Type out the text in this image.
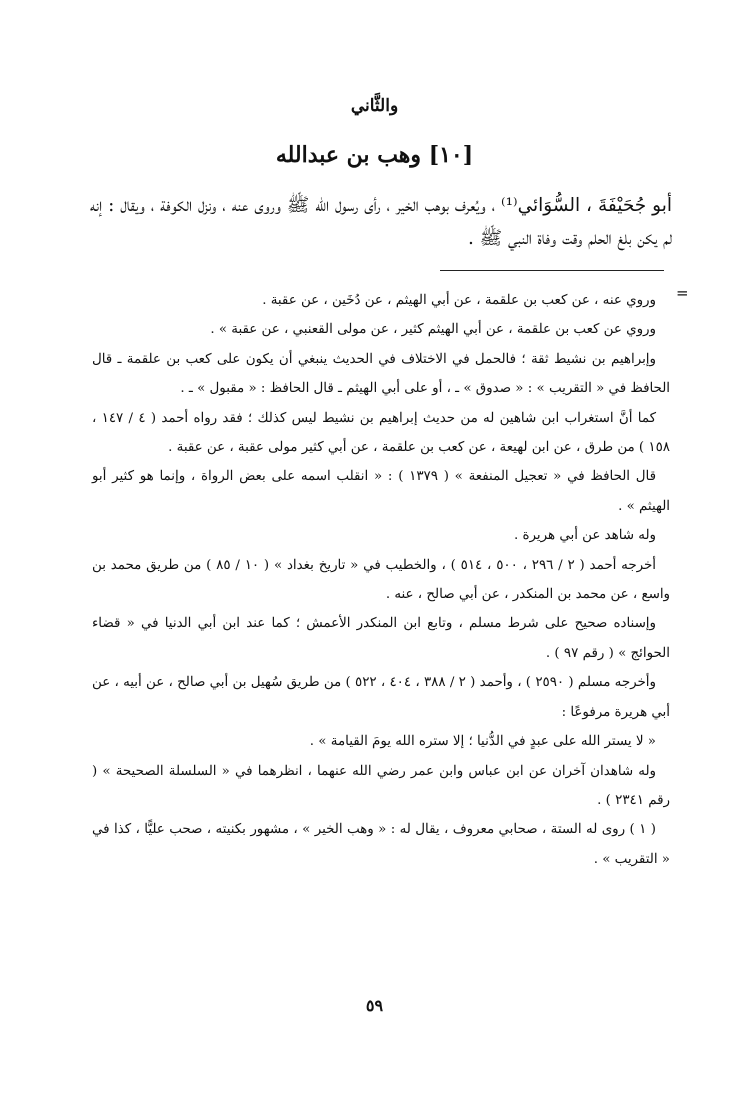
والثَّاني
[١٠] وهب بن عبدالله

أبو جُحَيْفَةَ ، السُّوَائي⁽¹⁾ ، ويُعرف بوهب الخير ، رأى رسول الله ﷺ وروى عنه ، ونزل الكوفة ، ويقال : إنه لم يكن بلغ الحلم وقت وفاة النبي ﷺ .

=

وروي عنه ، عن كعب بن علقمة ، عن أبي الهيثم ، عن دُخَين ، عن عقبة .

وروي عن كعب بن علقمة ، عن أبي الهيثم كثير ، عن مولى القعنبي ، عن عقبة » .

وإبراهيم بن نشيط ثقة ؛ فالحمل في الاختلاف في الحديث ينبغي أن يكون على كعب بن علقمة ـ قال الحافظ في « التقريب » : « صدوق » ـ ، أو على أبي الهيثم ـ قال الحافظ : « مقبول » ـ .

كما أنَّ استغراب ابن شاهين له من حديث إبراهيم بن نشيط ليس كذلك ؛ فقد رواه أحمد ( ٤ / ١٤٧ ، ١٥٨ ) من طرق ، عن ابن لهيعة ، عن كعب بن علقمة ، عن أبي كثير مولى عقبة ، عن عقبة .

قال الحافظ في « تعجيل المنفعة » ( ١٣٧٩ ) : « انقلب اسمه على بعض الرواة ، وإنما هو كثير أبو الهيثم » .

وله شاهد عن أبي هريرة .

أخرجه أحمد ( ٢ / ٢٩٦ ، ٥٠٠ ، ٥١٤ ) ، والخطيب في « تاريخ بغداد » ( ١٠ / ٨٥ ) من طريق محمد بن واسع ، عن محمد بن المنكدر ، عن أبي صالح ، عنه .

وإسناده صحيح على شرط مسلم ، وتابع ابن المنكدر الأعمش ؛ كما عند ابن أبي الدنيا في « قضاء الحوائج » ( رقم ٩٧ ) .

وأخرجه مسلم ( ٢٥٩٠ ) ، وأحمد ( ٢ / ٣٨٨ ، ٤٠٤ ، ٥٢٢ ) من طريق سُهيل بن أبي صالح ، عن أبيه ، عن أبي هريرة مرفوعًا :

« لا يستر الله على عبدٍ في الدُّنيا ؛ إلا ستره الله يومَ القيامة » .

وله شاهدان آخران عن ابن عباس وابن عمر رضي الله عنهما ، انظرهما في « السلسلة الصحيحة » ( رقم ٢٣٤١ ) .

( ١ ) روى له الستة ، صحابي معروف ، يقال له : « وهب الخير » ، مشهور بكنيته ، صحب عليًّا ، كذا في « التقريب » .

٥٩
